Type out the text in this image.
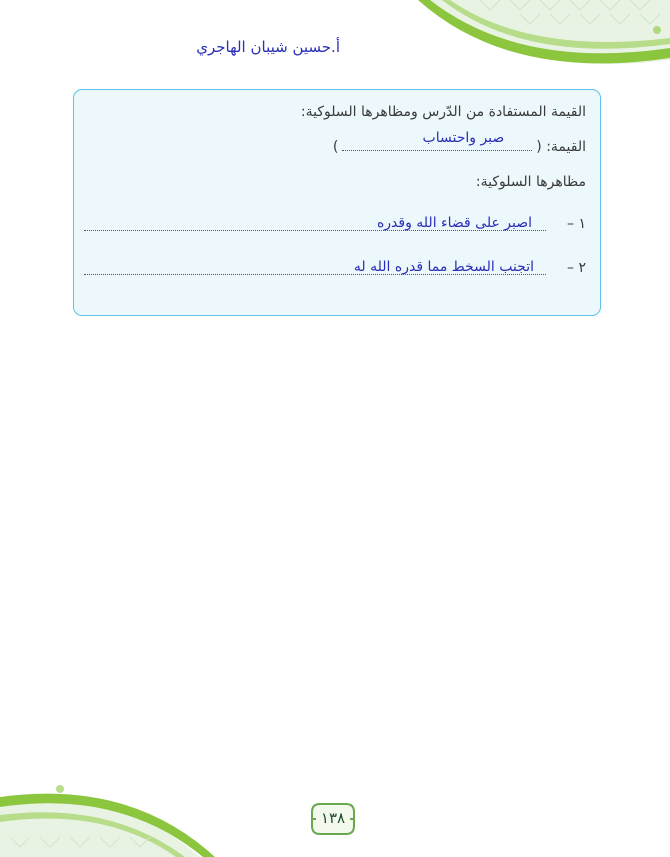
أ.حسين شيبان الهاجري
القيمة المستفادة من الدّرس ومظاهرها السلوكية:
القيمة: (
صبر واحتساب
)
مظاهرها السلوكية:
١ –
اصبر على قضاء الله وقدره
٢ –
اتجنب السخط مما قدره الله له
١٣٨
